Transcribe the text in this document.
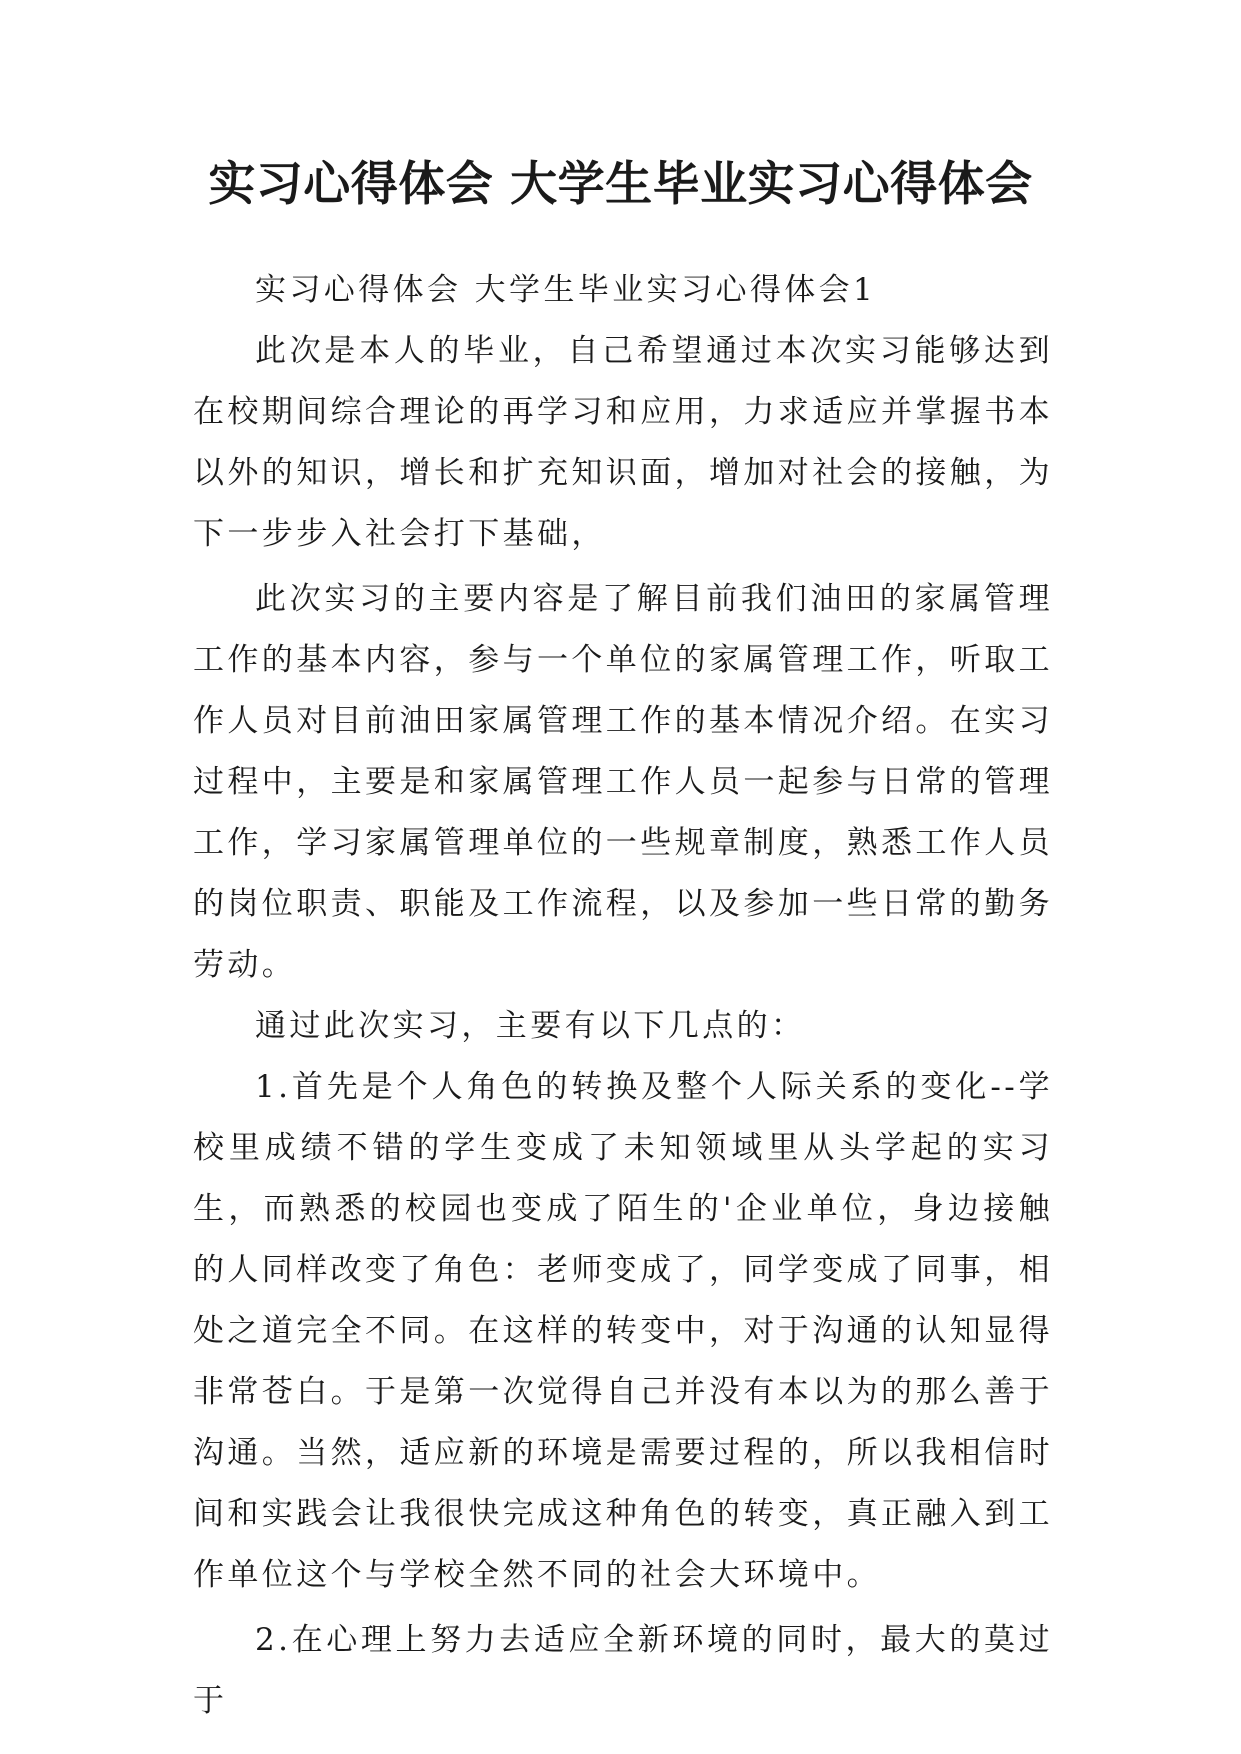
实习心得体会 大学生毕业实习心得体会

实习心得体会 大学生毕业实习心得体会1

此次是本人的毕业，自己希望通过本次实习能够达到在校期间综合理论的再学习和应用，力求适应并掌握书本以外的知识，增长和扩充知识面，增加对社会的接触，为下一步步入社会打下基础，

此次实习的主要内容是了解目前我们油田的家属管理工作的基本内容，参与一个单位的家属管理工作，听取工作人员对目前油田家属管理工作的基本情况介绍。在实习过程中，主要是和家属管理工作人员一起参与日常的管理工作，学习家属管理单位的一些规章制度，熟悉工作人员的岗位职责、职能及工作流程，以及参加一些日常的勤务劳动。

通过此次实习，主要有以下几点的：

1.首先是个人角色的转换及整个人际关系的变化--学校里成绩不错的学生变成了未知领域里从头学起的实习生，而熟悉的校园也变成了陌生的'企业单位，身边接触的人同样改变了角色：老师变成了，同学变成了同事，相处之道完全不同。在这样的转变中，对于沟通的认知显得非常苍白。于是第一次觉得自己并没有本以为的那么善于沟通。当然，适应新的环境是需要过程的，所以我相信时间和实践会让我很快完成这种角色的转变，真正融入到工作单位这个与学校全然不同的社会大环境中。

2.在心理上努力去适应全新环境的同时，最大的莫过于
